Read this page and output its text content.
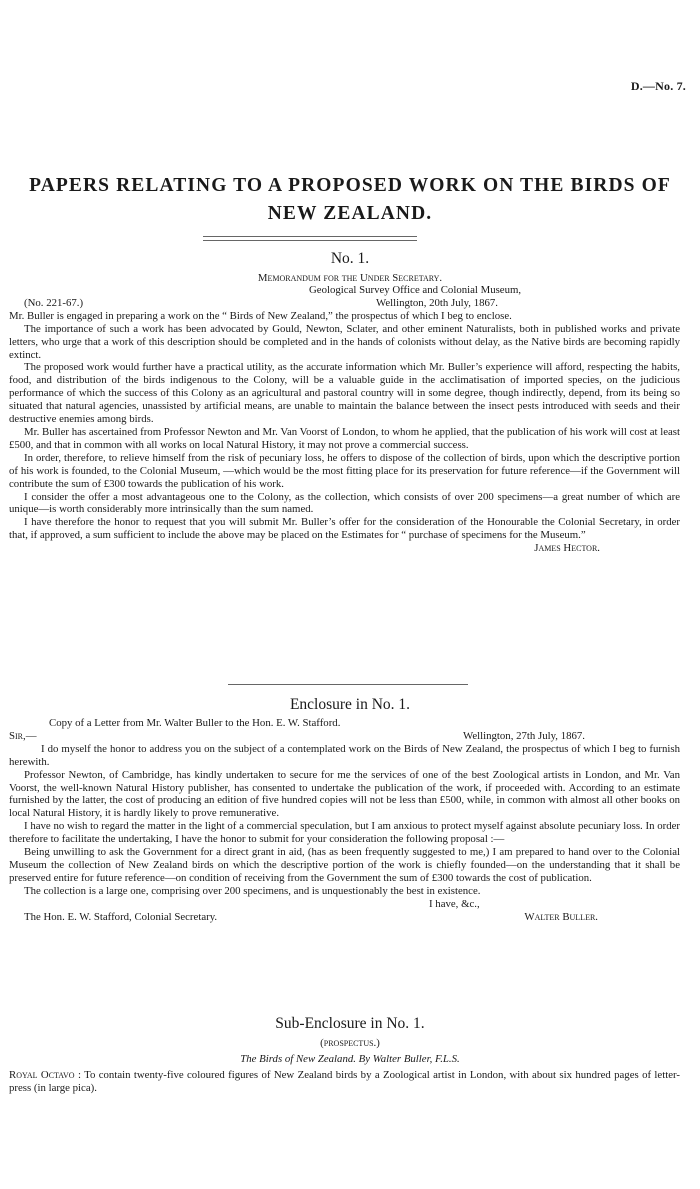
D.—No. 7.
PAPERS RELATING TO A PROPOSED WORK ON THE BIRDS OF
NEW ZEALAND.
No. 1.
Memorandum for the Under Secretary.
Geological Survey Office and Colonial Museum,
(No. 221-67.)	Wellington, 20th July, 1867.

Mr. Buller is engaged in preparing a work on the “ Birds of New Zealand,” the prospectus of which I beg to enclose.

The importance of such a work has been advocated by Gould, Newton, Sclater, and other eminent Naturalists, both in published works and private letters, who urge that a work of this description should be completed and in the hands of colonists without delay, as the Native birds are becoming rapidly extinct.

The proposed work would further have a practical utility, as the accurate information which Mr. Buller’s experience will afford, respecting the habits, food, and distribution of the birds indigenous to the Colony, will be a valuable guide in the acclimatisation of imported species, on the judicious performance of which the success of this Colony as an agricultural and pastoral country will in some degree, though indirectly, depend, from its being so situated that natural agencies, unassisted by artificial means, are unable to maintain the balance between the insect pests introduced with seeds and their destructive enemies among birds.

Mr. Buller has ascertained from Professor Newton and Mr. Van Voorst of London, to whom he applied, that the publication of his work will cost at least £500, and that in common with all works on local Natural History, it may not prove a commercial success.

In order, therefore, to relieve himself from the risk of pecuniary loss, he offers to dispose of the collection of birds, upon which the descriptive portion of his work is founded, to the Colonial Museum, —which would be the most fitting place for its preservation for future reference—if the Government will contribute the sum of £300 towards the publication of his work.

I consider the offer a most advantageous one to the Colony, as the collection, which consists of over 200 specimens—a great number of which are unique—is worth considerably more intrinsically than the sum named.

I have therefore the honor to request that you will submit Mr. Buller’s offer for the consideration of the Honourable the Colonial Secretary, in order that, if approved, a sum sufficient to include the above may be placed on the Estimates for “ purchase of specimens for the Museum.”

James Hector.
Enclosure in No. 1.
Copy of a Letter from Mr. Walter Buller to the Hon. E. W. Stafford.
Sir,—	Wellington, 27th July, 1867.

I do myself the honor to address you on the subject of a contemplated work on the Birds of New Zealand, the prospectus of which I beg to furnish herewith.

Professor Newton, of Cambridge, has kindly undertaken to secure for me the services of one of the best Zoological artists in London, and Mr. Van Voorst, the well-known Natural History publisher, has consented to undertake the publication of the work, if proceeded with. According to an estimate furnished by the latter, the cost of producing an edition of five hundred copies will not be less than £500, while, in common with almost all other books on local Natural History, it is hardly likely to prove remunerative.

I have no wish to regard the matter in the light of a commercial speculation, but I am anxious to protect myself against absolute pecuniary loss. In order therefore to facilitate the undertaking, I have the honor to submit for your consideration the following proposal :—

Being unwilling to ask the Government for a direct grant in aid, (has as been frequently suggested to me,) I am prepared to hand over to the Colonial Museum the collection of New Zealand birds on which the descriptive portion of the work is chiefly founded—on the understanding that it shall be preserved entire for future reference—on condition of receiving from the Government the sum of £300 towards the cost of publication.

The collection is a large one, comprising over 200 specimens, and is unquestionably the best in existence.

I have, &c.,
The Hon. E. W. Stafford, Colonial Secretary.	Walter Buller.
Sub-Enclosure in No. 1.
(prospectus.)
The Birds of New Zealand. By Walter Buller, F.L.S.

Royal Octavo : To contain twenty-five coloured figures of New Zealand birds by a Zoological artist in London, with about six hundred pages of letter-press (in large pica).
